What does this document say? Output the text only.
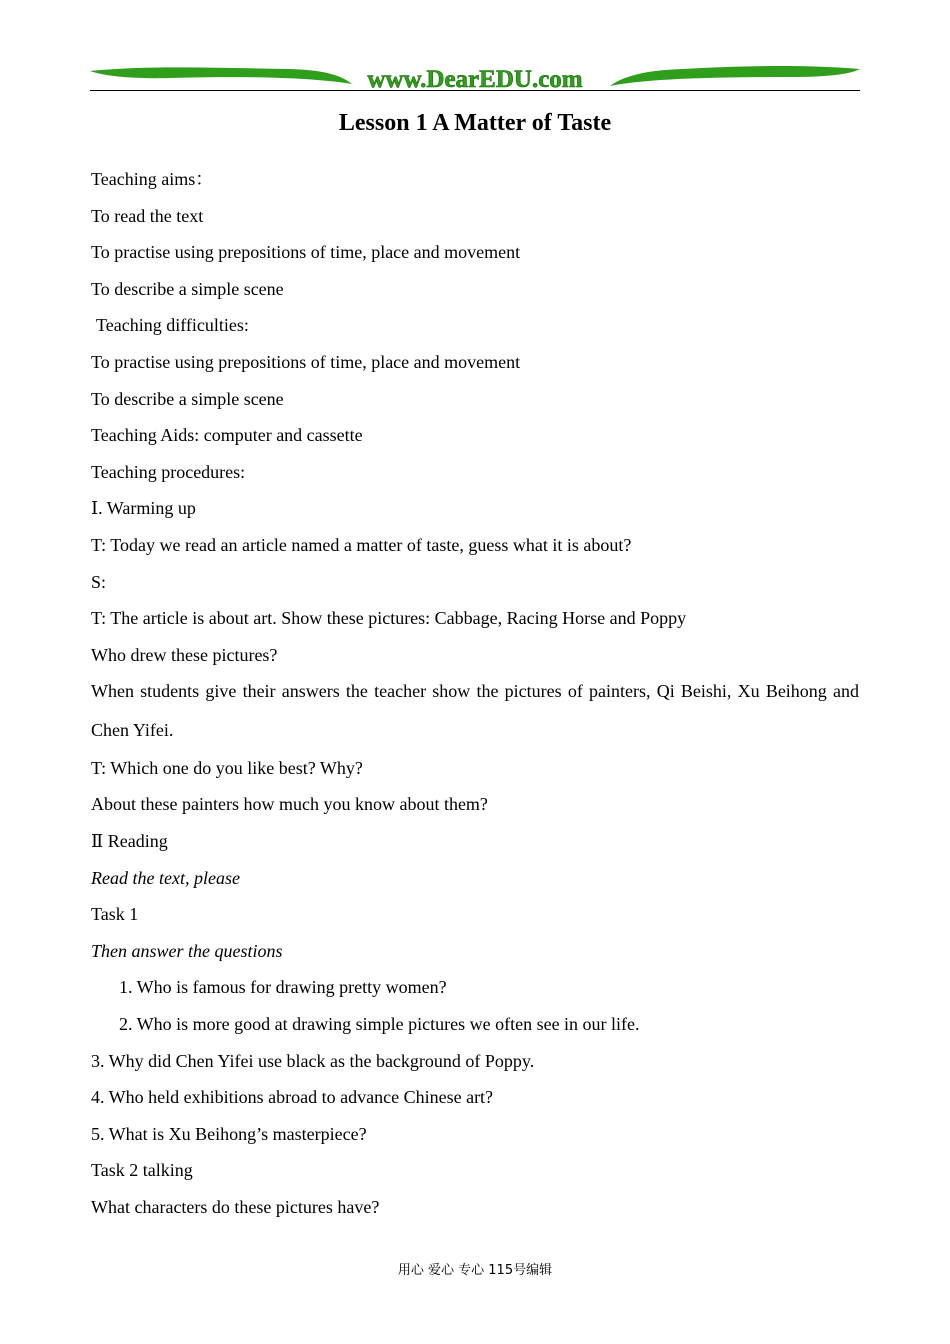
www.DearEDU.com
Lesson 1 A Matter of Taste
Teaching aims：
To read the text
To practise using prepositions of time, place and movement
To describe a simple scene
Teaching difficulties:
To practise using prepositions of time, place and movement
To describe a simple scene
Teaching Aids: computer and cassette
Teaching procedures:
Ⅰ. Warming up
T: Today we read an article named a matter of taste, guess what it is about?
S:
T: The article is about art. Show these pictures: Cabbage, Racing Horse and Poppy
Who drew these pictures?
When students give their answers the teacher show the pictures of painters, Qi Beishi, Xu Beihong and Chen Yifei.
T: Which one do you like best? Why?
About these painters how much you know about them?
Ⅱ Reading
Read the text, please
Task 1
Then answer the questions
1. Who is famous for drawing pretty women?
2. Who is more good at drawing simple pictures we often see in our life.
3. Why did Chen Yifei use black as the background of Poppy.
4. Who held exhibitions abroad to advance Chinese art?
5. What is Xu Beihong’s masterpiece?
Task 2 talking
What characters do these pictures have?
用心 爱心 专心 115号编辑
